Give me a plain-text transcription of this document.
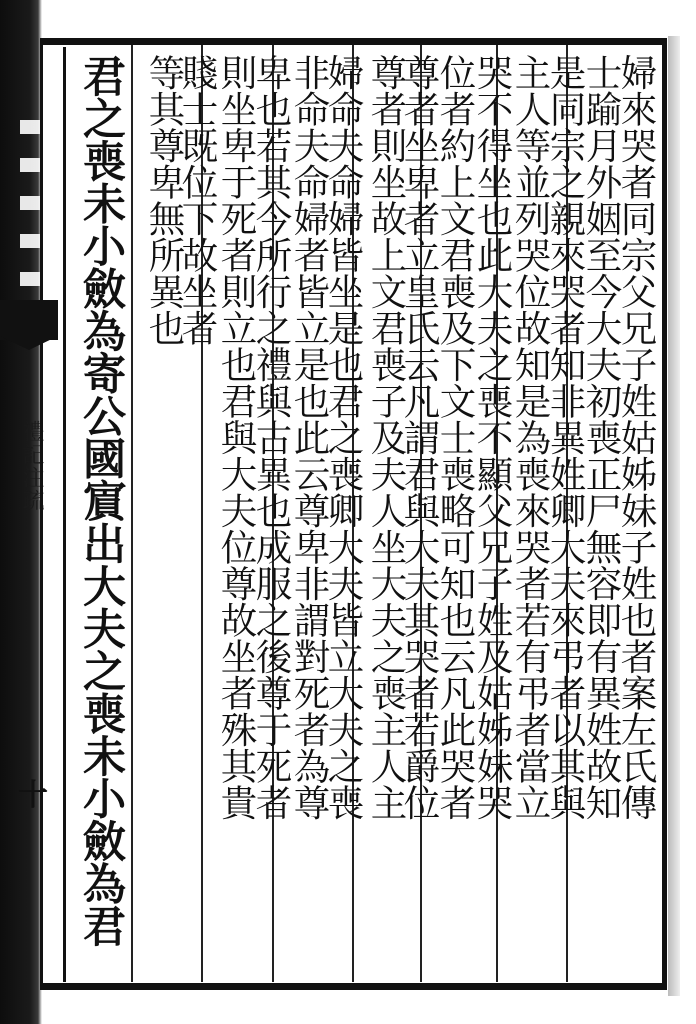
禮記注疏
十	婦來哭者同宗父兄子姓姑姊妹子姓也者案左氏傳
士踰月外姻至今大夫初喪正尸無容即有異姓故知
是同宗之親來哭者知非異姓卿大夫來弔者以其與
主人等並列哭位故知是為喪來哭者若有弔者當立
哭不得坐也此大夫之喪不顯父兄子姓及姑姊妹哭
位者約上文君喪及下文士喪略可知也云凡此哭者
尊者坐卑者立皇氏云凡謂君與大夫其哭者若爵位
尊者則坐故上文君喪子及夫人坐大夫之喪主人主
婦命夫命婦皆坐是也君之喪卿大夫皆立大夫之喪
非命夫命婦者皆立是也此云尊卑非謂對死者為尊
卑也若其今所行之禮與古異也成服之後尊于死者
則坐卑于死者則立也君與大夫位尊故坐者殊其貴
賤士既位下故坐者
等其尊卑無所異也
君之喪未小斂為寄公國賔出大夫之喪未小斂為君
